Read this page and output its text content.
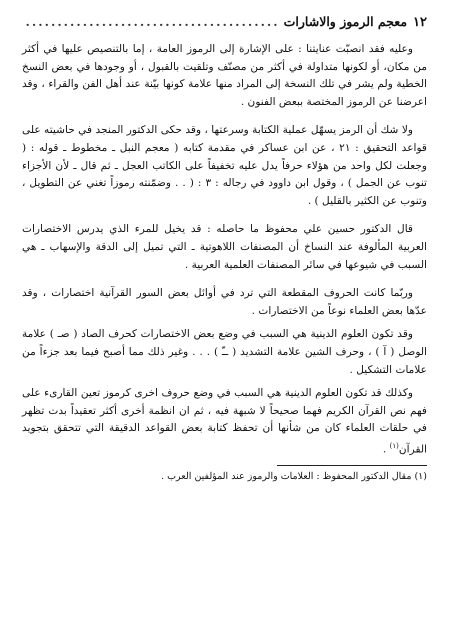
١٢
معجم الرموز والاشارات
.....

وعليه فقد انصبّت عنايتنا : على الإشارة إلى الرموز العامة ، إما بالتنصيص عليها في أكثر من مكان، أو لكونها متداولة في أكثر من مصنّف وتلقيت بالقبول ، أو وجودها في بعض النسخ الخطية ولم يشر في تلك النسخة إلى المراد منها علامة كونها بيّنة عند أهل الفن والقراء ، وقد اعرضنا عن الرموز المختصة ببعض الفنون .

ولا شك أن الرمز يسهّل عملية الكتابة وسرعتها ، وقد حكى الدكتور المنجد في حاشيته على قواعد التحقيق : ٢١ ، عن ابن عساكر في مقدمة كتابه ( معجم النبل ـ مخطوط ـ قوله : ( وجعلت لكل واحد من هؤلاء حرفاً يدل عليه تخفيفاً على الكاتب العجل ـ ثم قال ـ لأن الأجزاء تنوب عن الجمل ) ، وقول ابن داوود في رجاله : ٣ : ( . . وضمّنته رموزاً تغني عن التطويل ، وتنوب عن الكثير بالقليل ) .

قال الدكتور حسين علي محفوظ ما حاصله : قد يخيل للمرء الذي يدرس الاختصارات العربية المألوفة عند النساخ أن المصنفات اللاهوتية ـ التي تميل إلى الدقة والإسهاب ـ هي السبب في شيوعها في سائر المصنفات العلمية العربية .

وربّما كانت الحروف المقطعة التي ترد في أوائل بعض السور القرآنية اختصارات ، وقد عدّها بعض العلماء نوعاً من الاختصارات .

وقد تكون العلوم الدينية هي السبب في وضع بعض الاختصارات كحرف الصاد ( صـ ) علامة الوصل ( آ ) ، وحرف الشين علامة التشديد ( ــّ ) . . . وغير ذلك مما أصبح فيما بعد جزءاً من علامات التشكيل .

وكذلك قد تكون العلوم الدينية هي السبب في وضع حروف اخرى كرموز تعين القارىء على فهم نص القرآن الكريم فهما صحيحاً لا شبهة فيه ، ثم ان انظمة أخرى أكثر تعقيداً بدت تظهر في حلقات العلماء كان من شأنها أن تحفظ كتابة بعض القواعد الدقيقة التي تتحقق بتجويد القرآن$^{(١)}$ .

(١) مقال الدكتور المحفوظ : العلامات والرموز عند المؤلفين العرب .
